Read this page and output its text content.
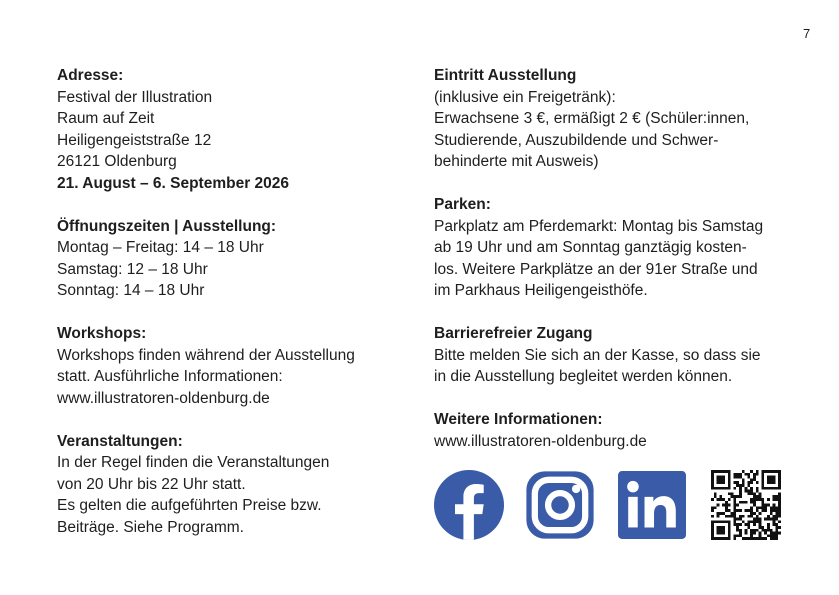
7
Adresse:
Festival der Illustration
Raum auf Zeit
Heiligengeiststraße 12
26121 Oldenburg
21. August – 6. September 2026
Öffnungszeiten | Ausstellung:
Montag – Freitag: 14 – 18 Uhr
Samstag: 12 – 18 Uhr
Sonntag: 14 – 18 Uhr
Workshops:
Workshops finden während der Ausstellung
statt. Ausführliche Informationen:
www.illustratoren-oldenburg.de
Veranstaltungen:
In der Regel finden die Veranstaltungen
von 20 Uhr bis 22 Uhr statt.
Es gelten die aufgeführten Preise bzw.
Beiträge. Siehe Programm.
Eintritt Ausstellung
(inklusive ein Freigetränk):
Erwachsene 3 €, ermäßigt 2 € (Schüler:innen,
Studierende, Auszubildende und Schwer-
behinderte mit Ausweis)
Parken:
Parkplatz am Pferdemarkt: Montag bis Samstag
ab 19 Uhr und am Sonntag ganztägig kosten-
los. Weitere Parkplätze an der 91er Straße und
im Parkhaus Heiligengeisthöfe.
Barrierefreier Zugang
Bitte melden Sie sich an der Kasse, so dass sie
in die Ausstellung begleitet werden können.
Weitere Informationen:
www.illustratoren-oldenburg.de
